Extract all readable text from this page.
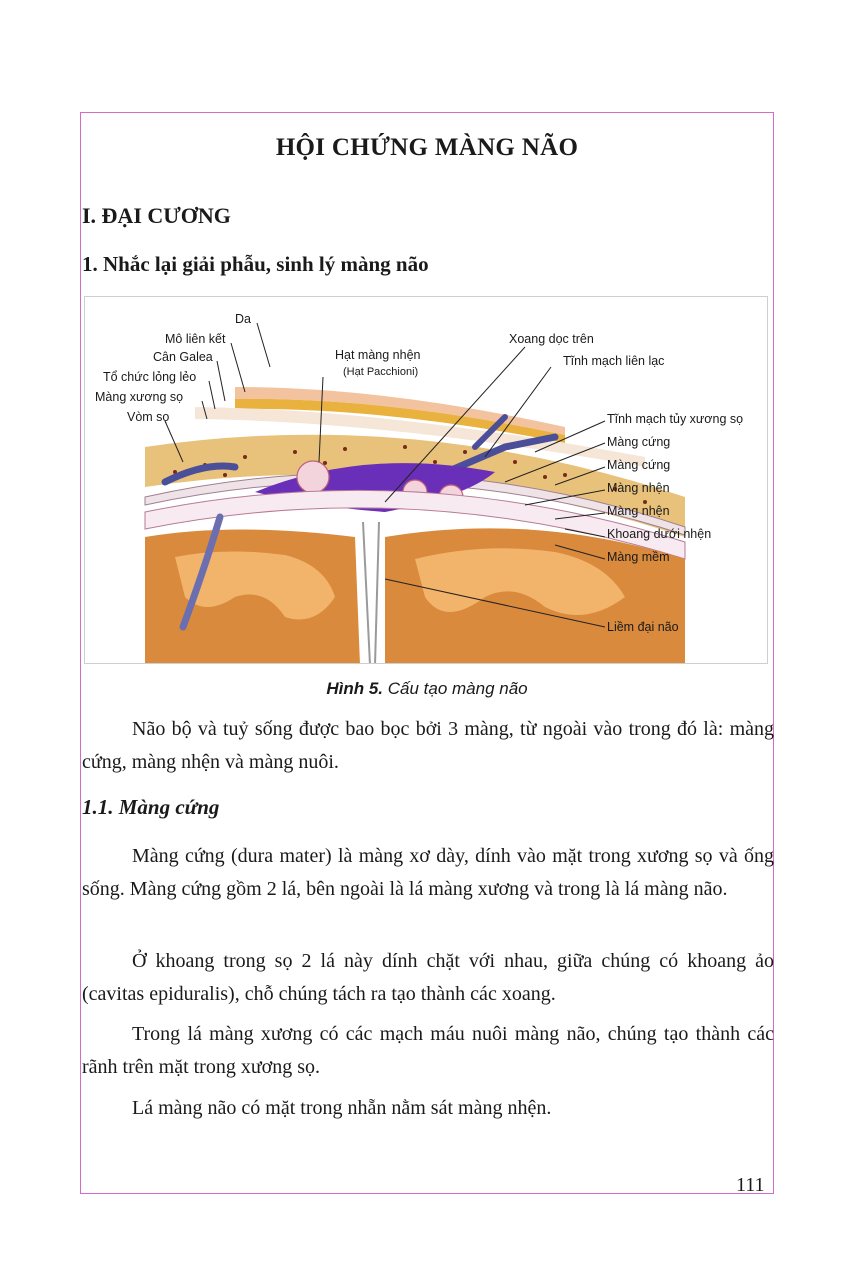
HỘI CHỨNG MÀNG NÃO
I. ĐẠI CƯƠNG
1. Nhắc lại giải phẫu, sinh lý màng não
Da
Mô liên kết
Cân Galea
Tổ chức lỏng lẻo
Màng xương sọ
Vòm sọ
Hạt màng nhện
(Hạt Pacchioni)
Xoang dọc trên
Tĩnh mạch liên lạc
Tĩnh mạch tủy xương sọ
Màng cứng
Màng cứng
Màng nhện
Màng nhện
Khoang dưới nhện
Màng mềm
Liềm đại não
Hình 5. Cấu tạo màng não

Não bộ và tuỷ sống được bao bọc bởi 3 màng, từ ngoài vào trong đó là: màng cứng, màng nhện và màng nuôi.

1.1. Màng cứng

Màng cứng (dura mater) là màng xơ dày, dính vào mặt trong xương sọ và ống sống. Màng cứng gồm 2 lá, bên ngoài là lá màng xương và trong là lá màng não.

Ở khoang trong sọ 2 lá này dính chặt với nhau, giữa chúng có khoang ảo (cavitas epiduralis), chỗ chúng tách ra tạo thành các xoang.

Trong lá màng xương có các mạch máu nuôi màng não, chúng tạo thành các rãnh trên mặt trong xương sọ.

Lá màng não có mặt trong nhẵn nằm sát màng nhện.

111
